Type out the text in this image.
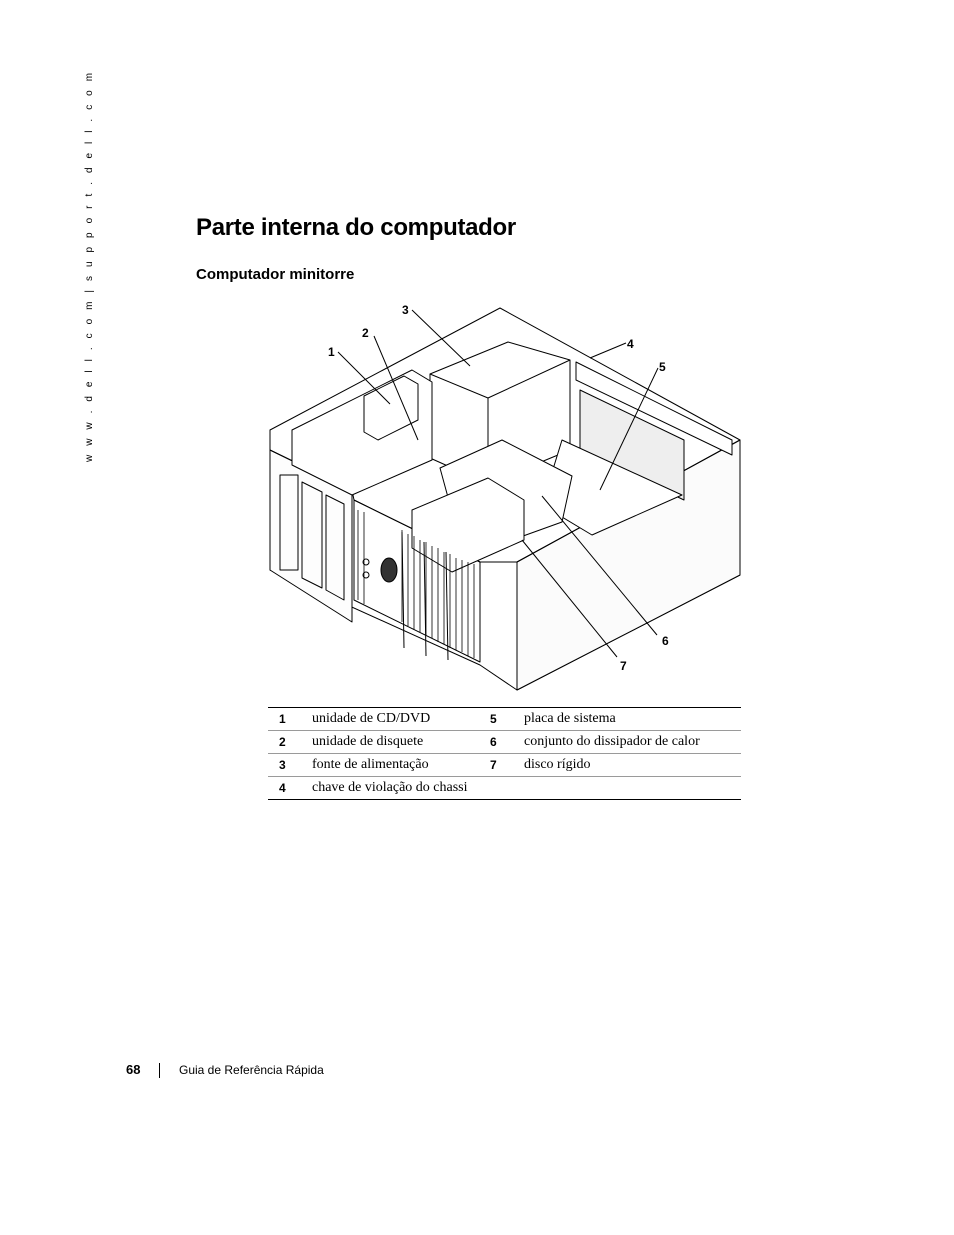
w w w . d e l l . c o m | s u p p o r t . d e l l . c o m	Parte interna do computador
Computador minitorre
1
2
3
4
5
6
7
1	unidade de CD/DVD	5	placa de sistema
2	unidade de disquete	6	conjunto do dissipador de calor
3	fonte de alimentação	7	disco rígido
4	chave de violação do chassi		
68	Guia de Referência Rápida
